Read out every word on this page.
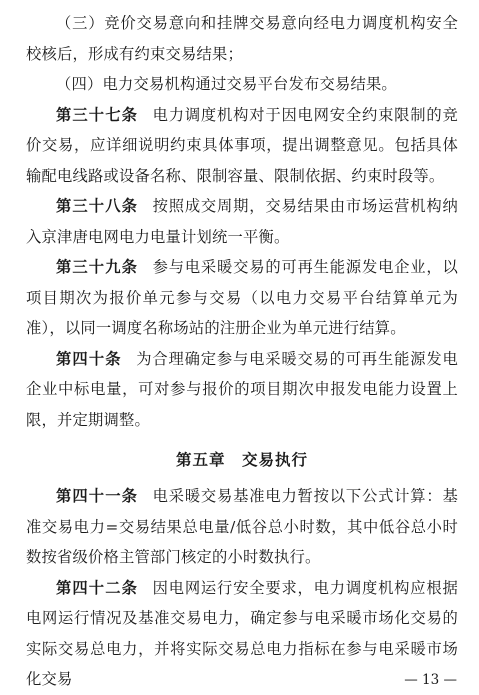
（三）竞价交易意向和挂牌交易意向经电力调度机构安全校核后，形成有约束交易结果；

（四）电力交易机构通过交易平台发布交易结果。

第三十七条 电力调度机构对于因电网安全约束限制的竞价交易，应详细说明约束具体事项，提出调整意见。包括具体输配电线路或设备名称、限制容量、限制依据、约束时段等。

第三十八条 按照成交周期，交易结果由市场运营机构纳入京津唐电网电力电量计划统一平衡。

第三十九条 参与电采暖交易的可再生能源发电企业，以项目期次为报价单元参与交易（以电力交易平台结算单元为准），以同一调度名称场站的注册企业为单元进行结算。

第四十条 为合理确定参与电采暖交易的可再生能源发电企业中标电量，可对参与报价的项目期次申报发电能力设置上限，并定期调整。

第五章　交易执行

第四十一条 电采暖交易基准电力暂按以下公式计算：基准交易电力=交易结果总电量/低谷总小时数，其中低谷总小时数按省级价格主管部门核定的小时数执行。

第四十二条 因电网运行安全要求，电力调度机构应根据电网运行情况及基准交易电力，确定参与电采暖市场化交易的实际交易总电力，并将实际交易总电力指标在参与电采暖市场化交易	— 13 —
